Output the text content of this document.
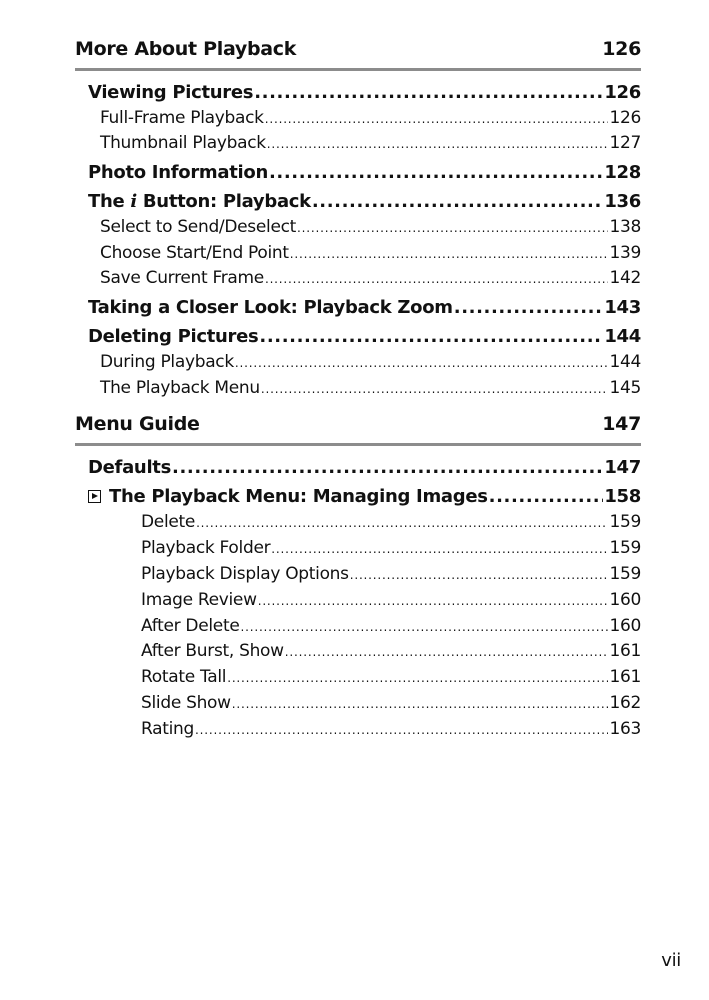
More About Playback	126
Viewing Pictures .....	126
Full-Frame Playback .....	126
Thumbnail Playback .....	127
Photo Information .....	128
The i Button: Playback .....	136
Select to Send/Deselect .....	138
Choose Start/End Point .....	139
Save Current Frame .....	142
Taking a Closer Look: Playback Zoom .....	143
Deleting Pictures .....	144
During Playback .....	144
The Playback Menu .....	145
Menu Guide	147
Defaults .....	147
The Playback Menu: Managing Images .....	158
Delete .....	159
Playback Folder .....	159
Playback Display Options .....	159
Image Review .....	160
After Delete .....	160
After Burst, Show .....	161
Rotate Tall .....	161
Slide Show .....	162
Rating .....	163
vii
